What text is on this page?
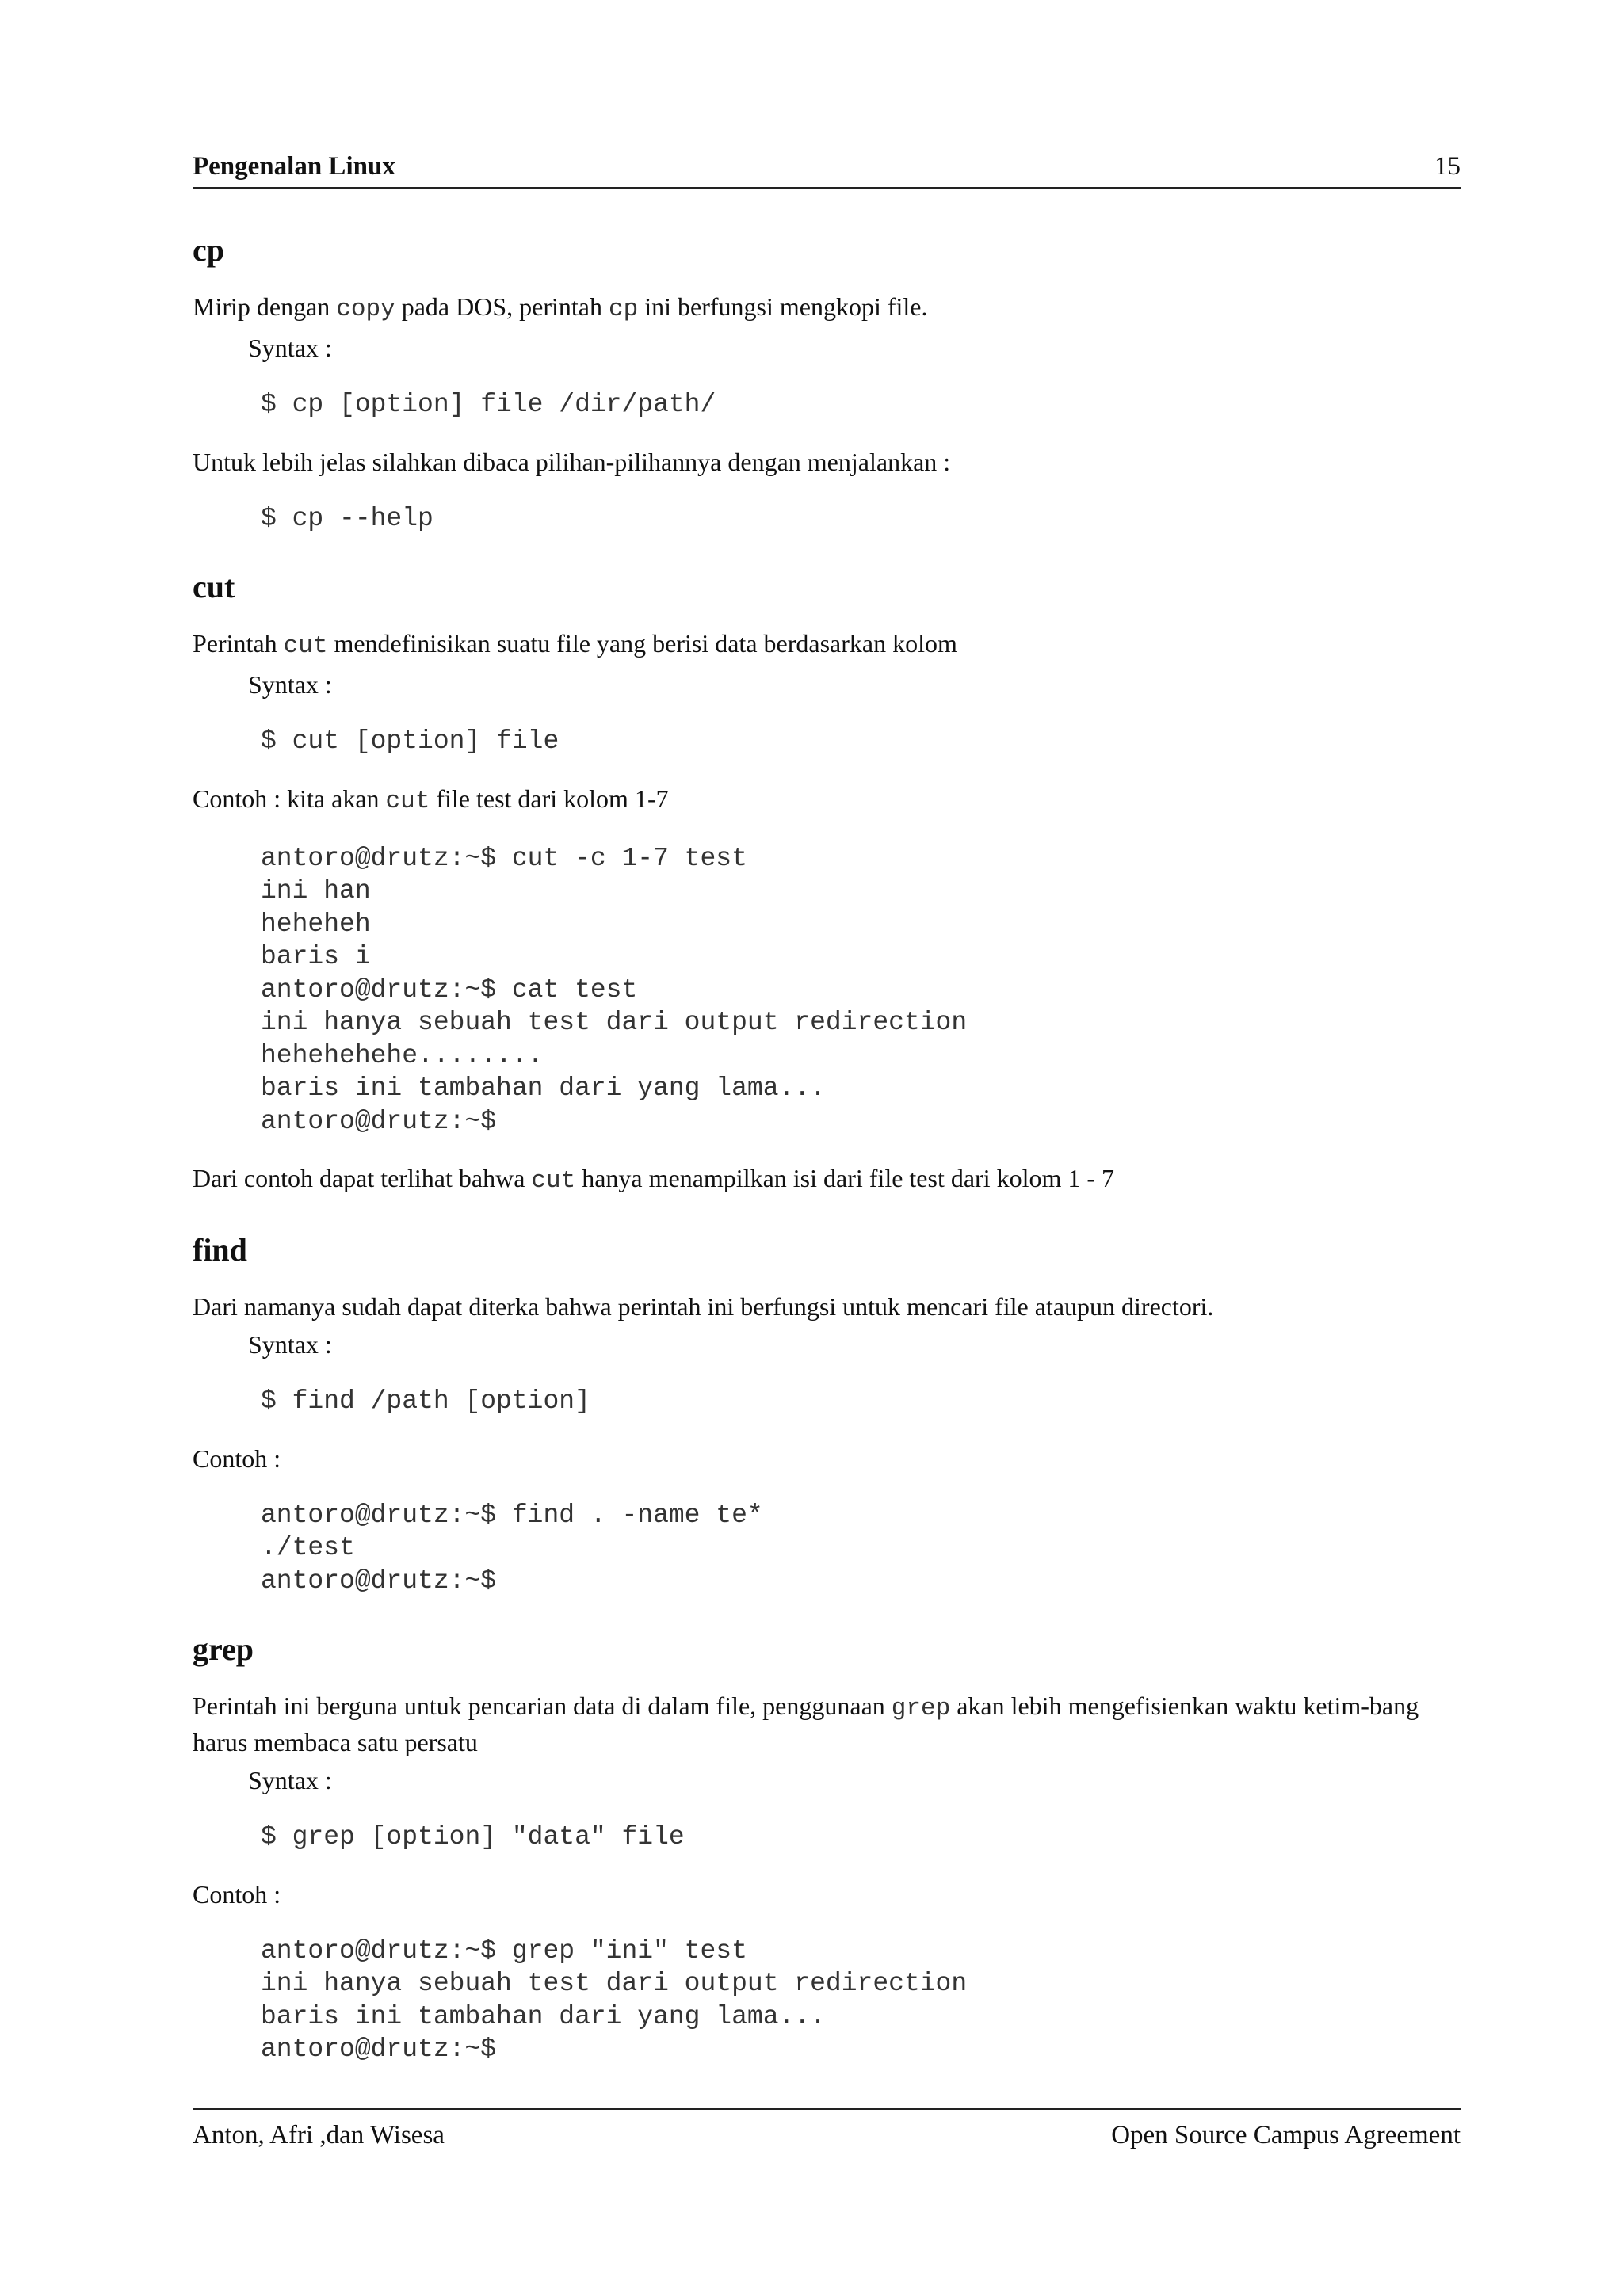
Pengenalan Linux	15
cp

Mirip dengan copy pada DOS, perintah cp ini berfungsi mengkopi file.

Syntax :

$ cp [option] file /dir/path/

Untuk lebih jelas silahkan dibaca pilihan-pilihannya dengan menjalankan :

$ cp --help
cut

Perintah cut mendefinisikan suatu file yang berisi data berdasarkan kolom

Syntax :

$ cut [option] file

Contoh : kita akan cut file test dari kolom 1-7

antoro@drutz:~$ cut -c 1-7 test
ini han
heheheh
baris i
antoro@drutz:~$ cat test
ini hanya sebuah test dari output redirection
hehehehehe........
baris ini tambahan dari yang lama...
antoro@drutz:~$

Dari contoh dapat terlihat bahwa cut hanya menampilkan isi dari file test dari kolom 1 - 7

find

Dari namanya sudah dapat diterka bahwa perintah ini berfungsi untuk mencari file ataupun directori.

Syntax :

$ find /path [option]

Contoh :

antoro@drutz:~$ find . -name te*
./test
antoro@drutz:~$
grep

Perintah ini berguna untuk pencarian data di dalam file, penggunaan grep akan lebih mengefisienkan waktu ketim-bang harus membaca satu persatu

Syntax :

$ grep [option] "data" file

Contoh :

antoro@drutz:~$ grep "ini" test
ini hanya sebuah test dari output redirection
baris ini tambahan dari yang lama...
antoro@drutz:~$
Anton, Afri ,dan Wisesa	Open Source Campus Agreement
